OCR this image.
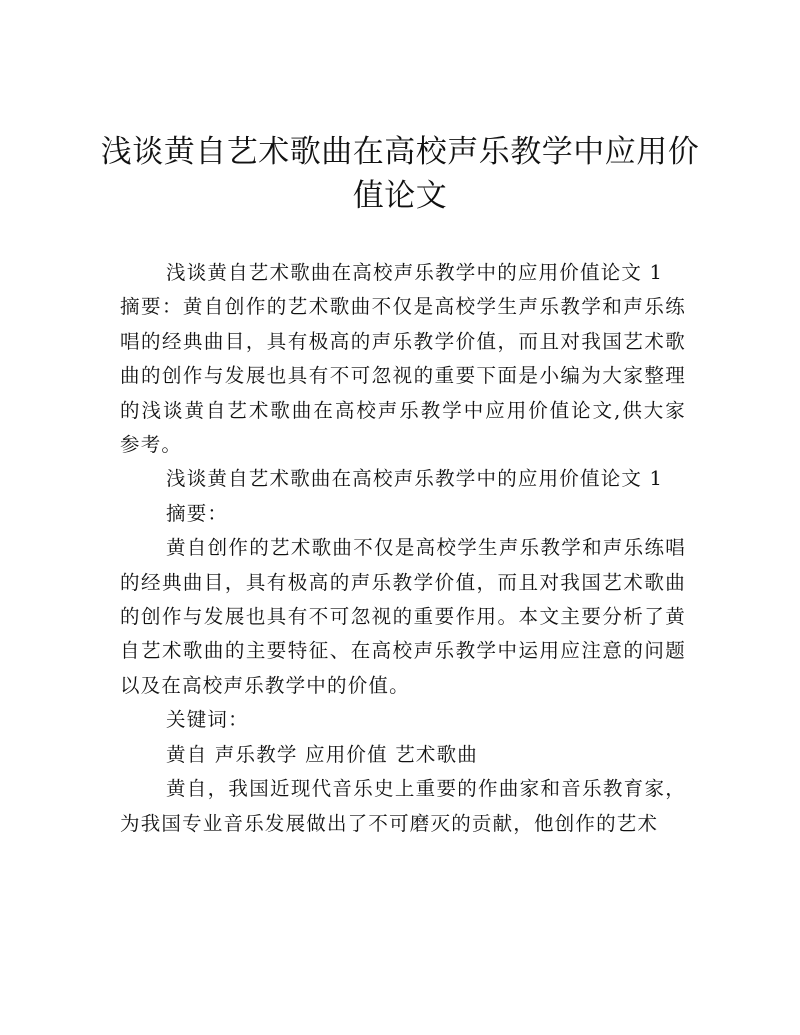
浅谈黄自艺术歌曲在高校声乐教学中应用价
值论文

浅谈黄自艺术歌曲在高校声乐教学中的应用价值论文 1

摘要：黄自创作的艺术歌曲不仅是高校学生声乐教学和声乐练唱的经典曲目，具有极高的声乐教学价值，而且对我国艺术歌曲的创作与发展也具有不可忽视的重要下面是小编为大家整理的浅谈黄自艺术歌曲在高校声乐教学中应用价值论文,供大家参考。

浅谈黄自艺术歌曲在高校声乐教学中的应用价值论文 1

摘要：

黄自创作的艺术歌曲不仅是高校学生声乐教学和声乐练唱的经典曲目，具有极高的声乐教学价值，而且对我国艺术歌曲的创作与发展也具有不可忽视的重要作用。本文主要分析了黄自艺术歌曲的主要特征、在高校声乐教学中运用应注意的问题以及在高校声乐教学中的价值。

关键词：

黄自 声乐教学 应用价值 艺术歌曲

黄自，我国近现代音乐史上重要的作曲家和音乐教育家，为我国专业音乐发展做出了不可磨灭的贡献，他创作的艺术
